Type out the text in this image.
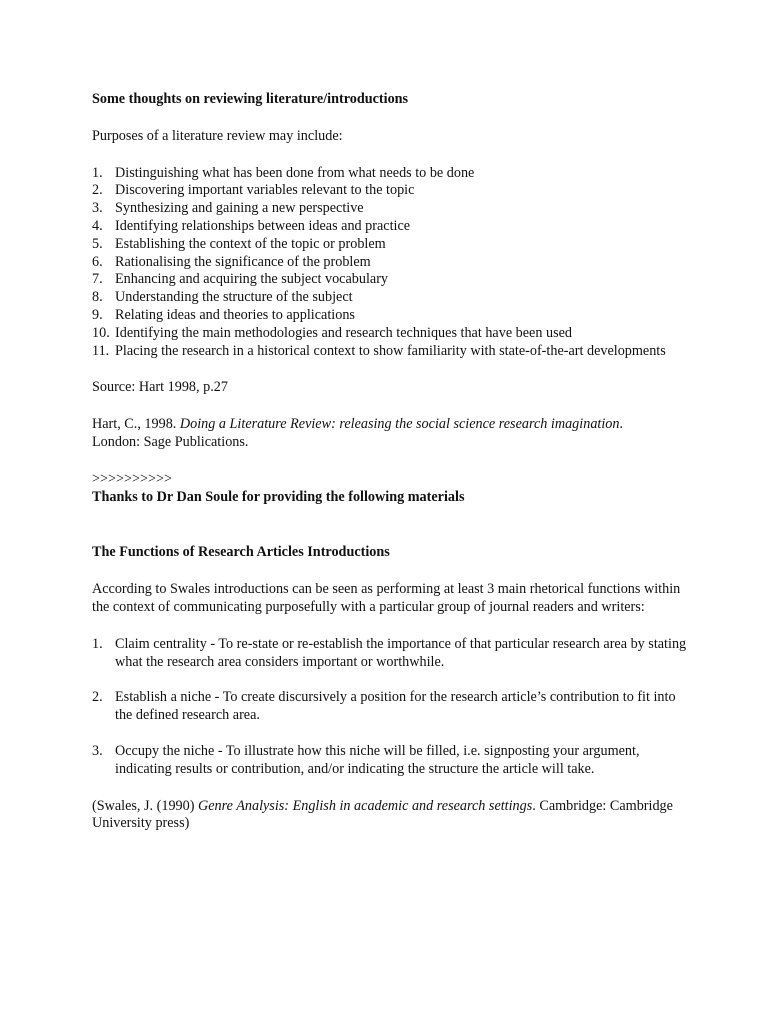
Some thoughts on reviewing literature/introductions

Purposes of a literature review may include:

1. Distinguishing what has been done from what needs to be done
2. Discovering important variables relevant to the topic
3. Synthesizing and gaining a new perspective
4. Identifying relationships between ideas and practice
5. Establishing the context of the topic or problem
6. Rationalising the significance of the problem
7. Enhancing and acquiring the subject vocabulary
8. Understanding the structure of the subject
9. Relating ideas and theories to applications
10. Identifying the main methodologies and research techniques that have been used
11. Placing the research in a historical context to show familiarity with state-of-the-art developments

Source: Hart 1998, p.27

Hart, C., 1998. Doing a Literature Review: releasing the social science research imagination.
London: Sage Publications.

>>>>>>>>>>

Thanks to Dr Dan Soule for providing the following materials

The Functions of Research Articles Introductions

According to Swales introductions can be seen as performing at least 3 main rhetorical functions within the context of communicating purposefully with a particular group of journal readers and writers:

1. Claim centrality - To re-state or re-establish the importance of that particular research area by stating what the research area considers important or worthwhile.
2. Establish a niche - To create discursively a position for the research article’s contribution to fit into the defined research area.
3. Occupy the niche - To illustrate how this niche will be filled, i.e. signposting your argument, indicating results or contribution, and/or indicating the structure the article will take.

(Swales, J. (1990) Genre Analysis: English in academic and research settings. Cambridge: Cambridge University press)
